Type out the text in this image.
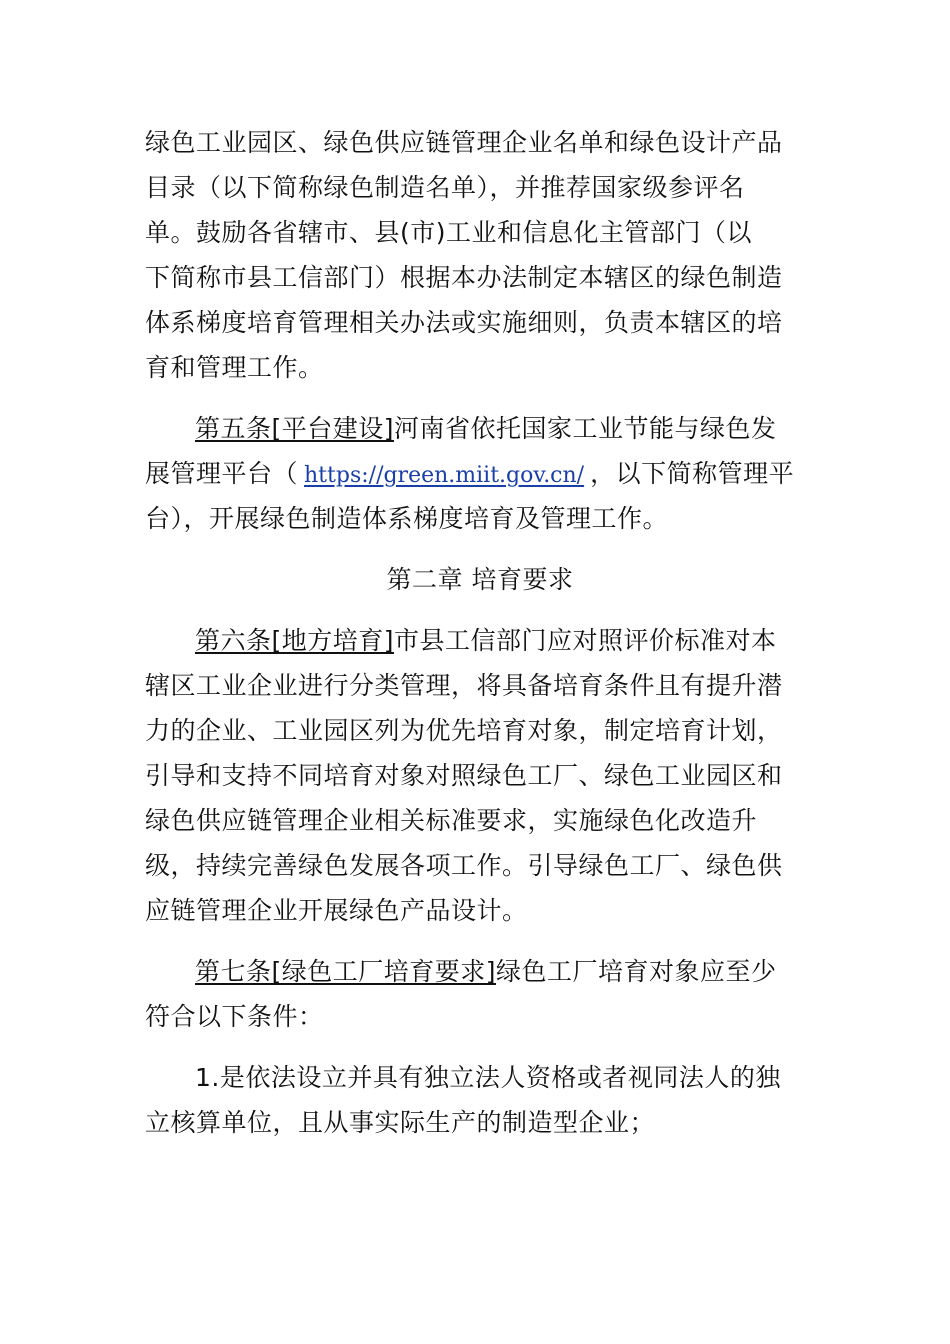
绿色工业园区、绿色供应链管理企业名单和绿色设计产品
目录（以下简称绿色制造名单），并推荐国家级参评名
单。鼓励各省辖市、县(市)工业和信息化主管部门（以
下简称市县工信部门）根据本办法制定本辖区的绿色制造
体系梯度培育管理相关办法或实施细则，负责本辖区的培
育和管理工作。
第五条[平台建设]河南省依托国家工业节能与绿色发
展管理平台（ https://green.miit.gov.cn/ ，以下简称管理平
台），开展绿色制造体系梯度培育及管理工作。
第二章 培育要求
第六条[地方培育]市县工信部门应对照评价标准对本
辖区工业企业进行分类管理，将具备培育条件且有提升潜
力的企业、工业园区列为优先培育对象，制定培育计划，
引导和支持不同培育对象对照绿色工厂、绿色工业园区和
绿色供应链管理企业相关标准要求，实施绿色化改造升
级，持续完善绿色发展各项工作。引导绿色工厂、绿色供
应链管理企业开展绿色产品设计。
第七条[绿色工厂培育要求]绿色工厂培育对象应至少
符合以下条件：
1.是依法设立并具有独立法人资格或者视同法人的独
立核算单位，且从事实际生产的制造型企业；
